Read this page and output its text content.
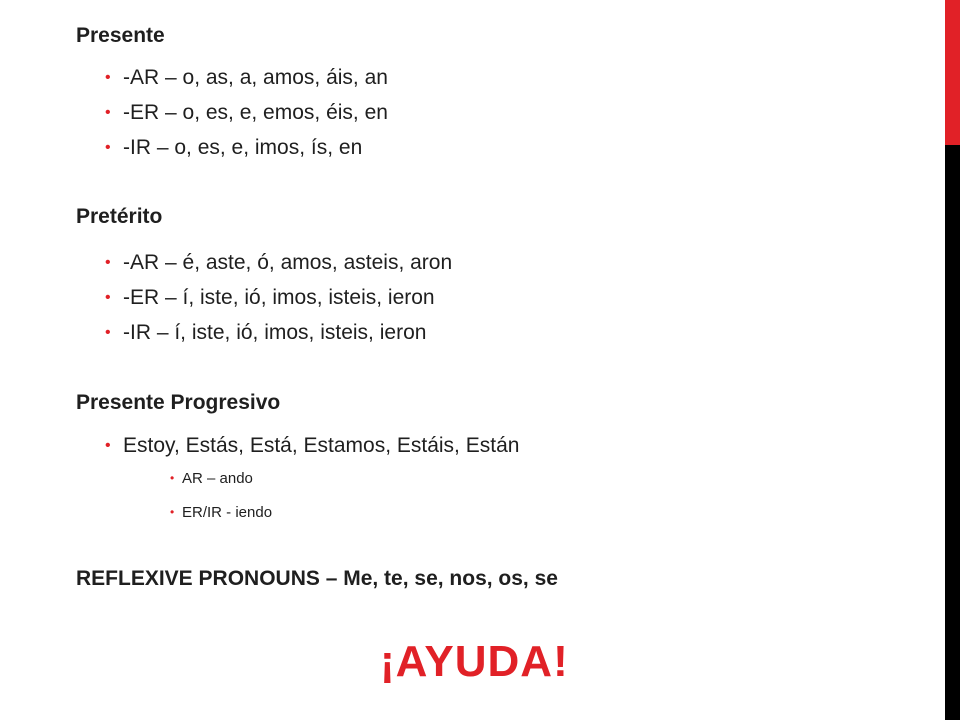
Presente
• -AR – o, as, a, amos, áis, an
• -ER – o, es, e, emos, éis, en
• -IR – o, es, e, imos, ís, en
Pretérito
• -AR – é, aste, ó, amos, asteis, aron
• -ER – í, iste, ió, imos, isteis, ieron
• -IR – í, iste, ió, imos, isteis, ieron
Presente Progresivo
• Estoy, Estás, Está, Estamos, Estáis, Están
• AR – ando
• ER/IR - iendo
REFLEXIVE PRONOUNS – Me, te, se, nos, os, se
¡AYUDA!
